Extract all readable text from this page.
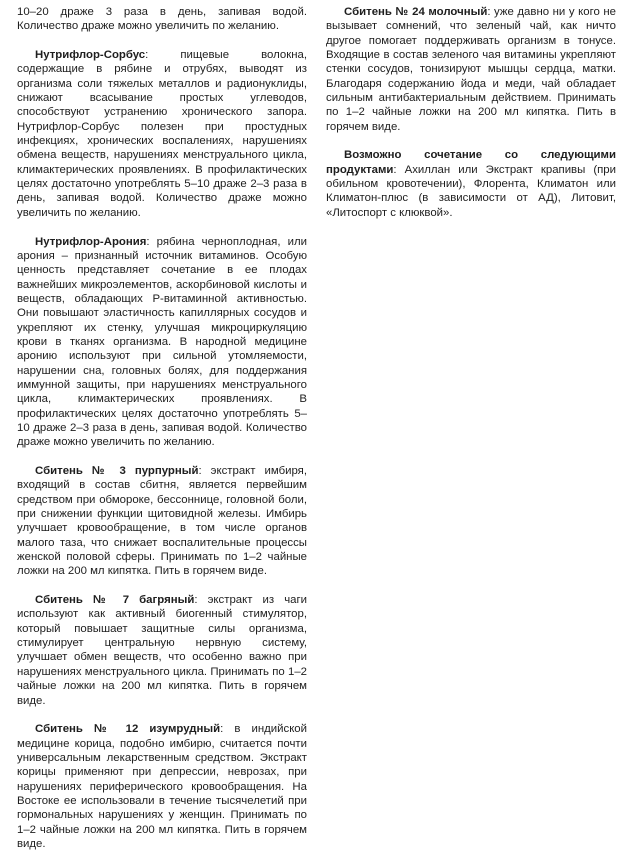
10–20 драже 3 раза в день, запивая водой. Количество драже можно увеличить по желанию.

Нутрифлор-Сорбус: пищевые волокна, содержащие в рябине и отрубях, выводят из организма соли тяжелых металлов и радионуклиды, снижают всасывание простых углеводов, способствуют устранению хронического запора. Нутрифлор-Сорбус полезен при простудных инфекциях, хронических воспалениях, нарушениях обмена веществ, нарушениях менструального цикла, климактерических проявлениях. В профилактических целях достаточно употреблять 5–10 драже 2–3 раза в день, запивая водой. Количество драже можно увеличить по желанию.

Нутрифлор-Арония: рябина черноплодная, или арония – признанный источник витаминов. Особую ценность представляет сочетание в ее плодах важнейших микроэлементов, аскорбиновой кислоты и веществ, обладающих Р-витаминной активностью. Они повышают эластичность капиллярных сосудов и укрепляют их стенку, улучшая микроциркуляцию крови в тканях организма. В народной медицине аронию используют при сильной утомляемости, нарушении сна, головных болях, для поддержания иммунной защиты, при нарушениях менструального цикла, климактерических проявлениях. В профилактических целях достаточно употреблять 5–10 драже 2–3 раза в день, запивая водой. Количество драже можно увеличить по желанию.

Сбитень № 3 пурпурный: экстракт имбиря, входящий в состав сбитня, является первейшим средством при обмороке, бессоннице, головной боли, при снижении функции щитовидной железы. Имбирь улучшает кровообращение, в том числе органов малого таза, что снижает воспалительные процессы женской половой сферы. Принимать по 1–2 чайные ложки на 200 мл кипятка. Пить в горячем виде.

Сбитень № 7 багряный: экстракт из чаги используют как активный биогенный стимулятор, который повышает защитные силы организма, стимулирует центральную нервную систему, улучшает обмен веществ, что особенно важно при нарушениях менструального цикла. Принимать по 1–2 чайные ложки на 200 мл кипятка. Пить в горячем виде.

Сбитень № 12 изумрудный: в индийской медицине корица, подобно имбирю, считается почти универсальным лекарственным средством. Экстракт корицы применяют при депрессии, неврозах, при нарушениях периферического кровообращения. На Востоке ее использовали в течение тысячелетий при гормональных нарушениях у женщин. Принимать по 1–2 чайные ложки на 200 мл кипятка. Пить в горячем виде.

Сбитень № 24 молочный: уже давно ни у кого не вызывает сомнений, что зеленый чай, как ничто другое помогает поддерживать организм в тонусе. Входящие в состав зеленого чая витамины укрепляют стенки сосудов, тонизируют мышцы сердца, матки. Благодаря содержанию йода и меди, чай обладает сильным антибактериальным действием. Принимать по 1–2 чайные ложки на 200 мл кипятка. Пить в горячем виде.

Возможно сочетание со следующими продуктами: Ахиллан или Экстракт крапивы (при обильном кровотечении), Флорента, Климатон или Климатон-плюс (в зависимости от АД), Литовит, «Литоспорт с клюквой».
